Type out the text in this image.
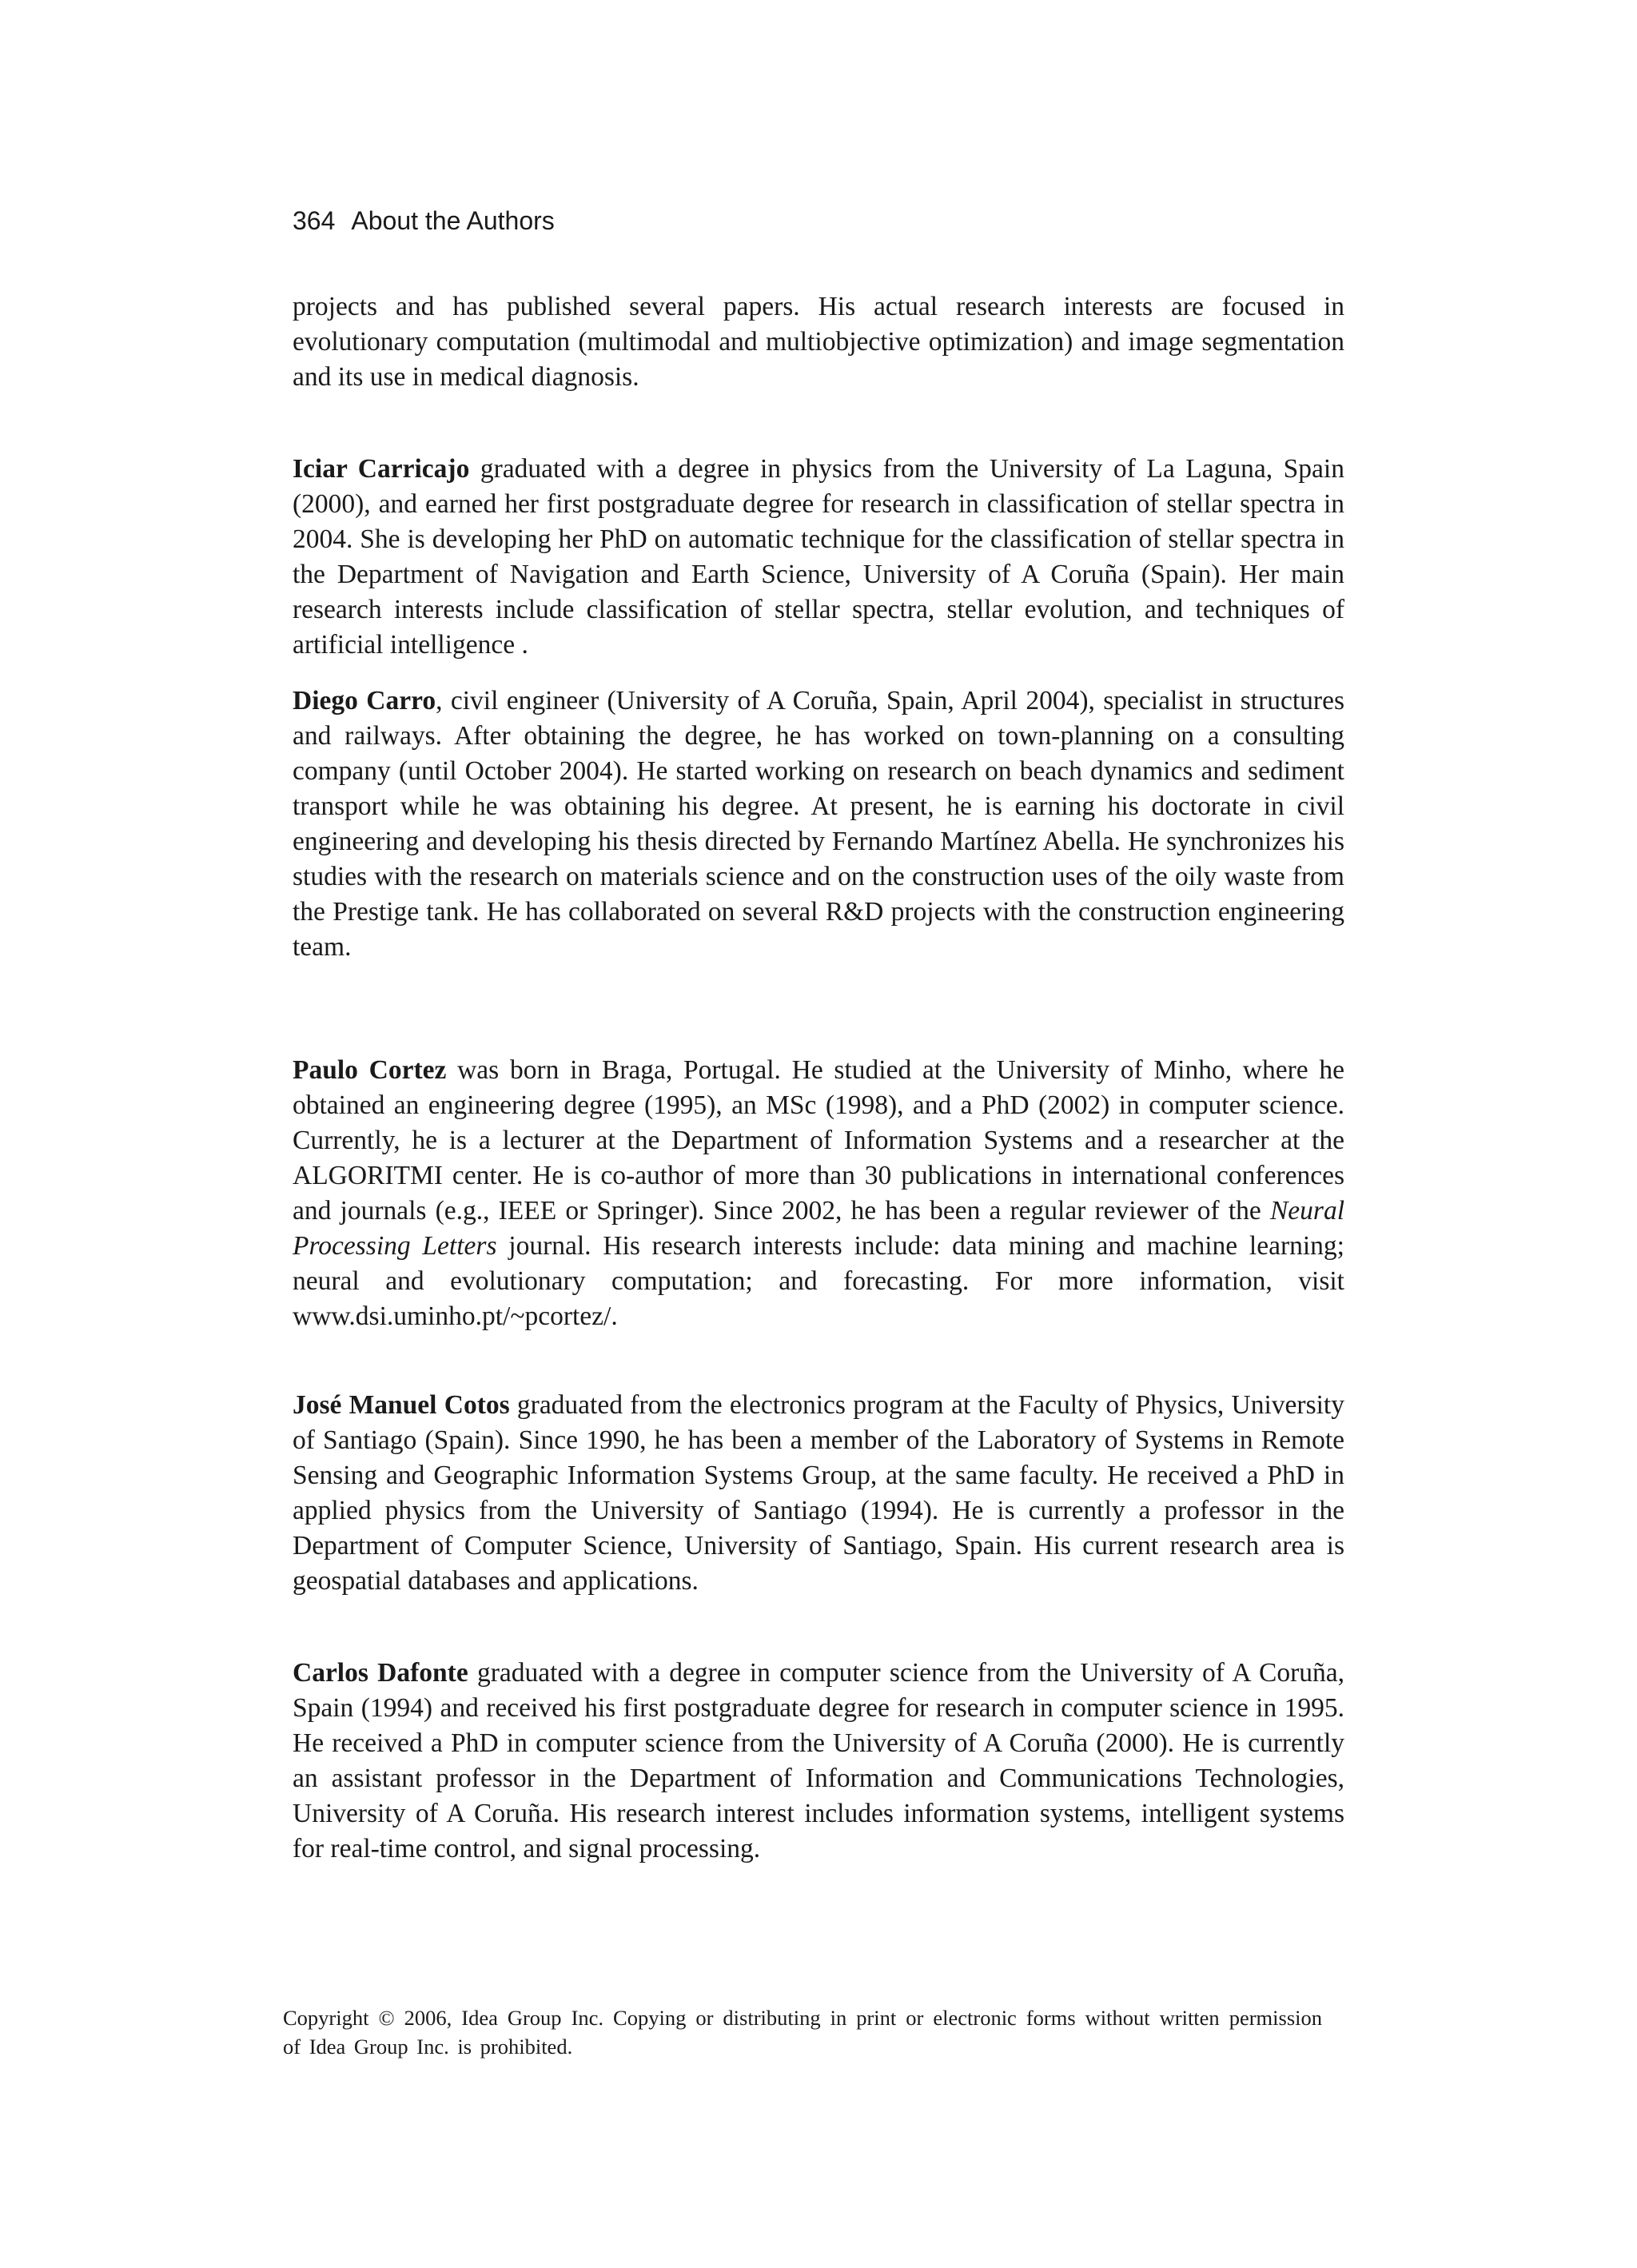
364 About the Authors

projects and has published several papers. His actual research interests are focused in evolutionary computation (multimodal and multiobjective optimization) and image segmentation and its use in medical diagnosis.

Iciar Carricajo graduated with a degree in physics from the University of La Laguna, Spain (2000), and earned her first postgraduate degree for research in classification of stellar spectra in 2004. She is developing her PhD on automatic technique for the classification of stellar spectra in the Department of Navigation and Earth Science, University of A Coruña (Spain). Her main research interests include classification of stellar spectra, stellar evolution, and techniques of artificial intelligence .

Diego Carro, civil engineer (University of A Coruña, Spain, April 2004), specialist in structures and railways. After obtaining the degree, he has worked on town-planning on a consulting company (until October 2004). He started working on research on beach dynamics and sediment transport while he was obtaining his degree. At present, he is earning his doctorate in civil engineering and developing his thesis directed by Fernando Martínez Abella. He synchronizes his studies with the research on materials science and on the construction uses of the oily waste from the Prestige tank. He has collaborated on several R&D projects with the construction engineering team.

Paulo Cortez was born in Braga, Portugal. He studied at the University of Minho, where he obtained an engineering degree (1995), an MSc (1998), and a PhD (2002) in computer science. Currently, he is a lecturer at the Department of Information Systems and a researcher at the ALGORITMI center. He is co-author of more than 30 publications in international conferences and journals (e.g., IEEE or Springer). Since 2002, he has been a regular reviewer of the Neural Processing Letters journal. His research interests include: data mining and machine learning; neural and evolutionary computation; and forecasting. For more information, visit www.dsi.uminho.pt/~pcortez/.

José Manuel Cotos graduated from the electronics program at the Faculty of Physics, University of Santiago (Spain). Since 1990, he has been a member of the Laboratory of Systems in Remote Sensing and Geographic Information Systems Group, at the same faculty. He received a PhD in applied physics from the University of Santiago (1994). He is currently a professor in the Department of Computer Science, University of Santiago, Spain. His current research area is geospatial databases and applications.

Carlos Dafonte graduated with a degree in computer science from the University of A Coruña, Spain (1994) and received his first postgraduate degree for research in computer science in 1995. He received a PhD in computer science from the University of A Coruña (2000). He is currently an assistant professor in the Department of Information and Communications Technologies, University of A Coruña. His research interest includes information systems, intelligent systems for real-time control, and signal processing.

Copyright © 2006, Idea Group Inc. Copying or distributing in print or electronic forms without written permission of Idea Group Inc. is prohibited.
